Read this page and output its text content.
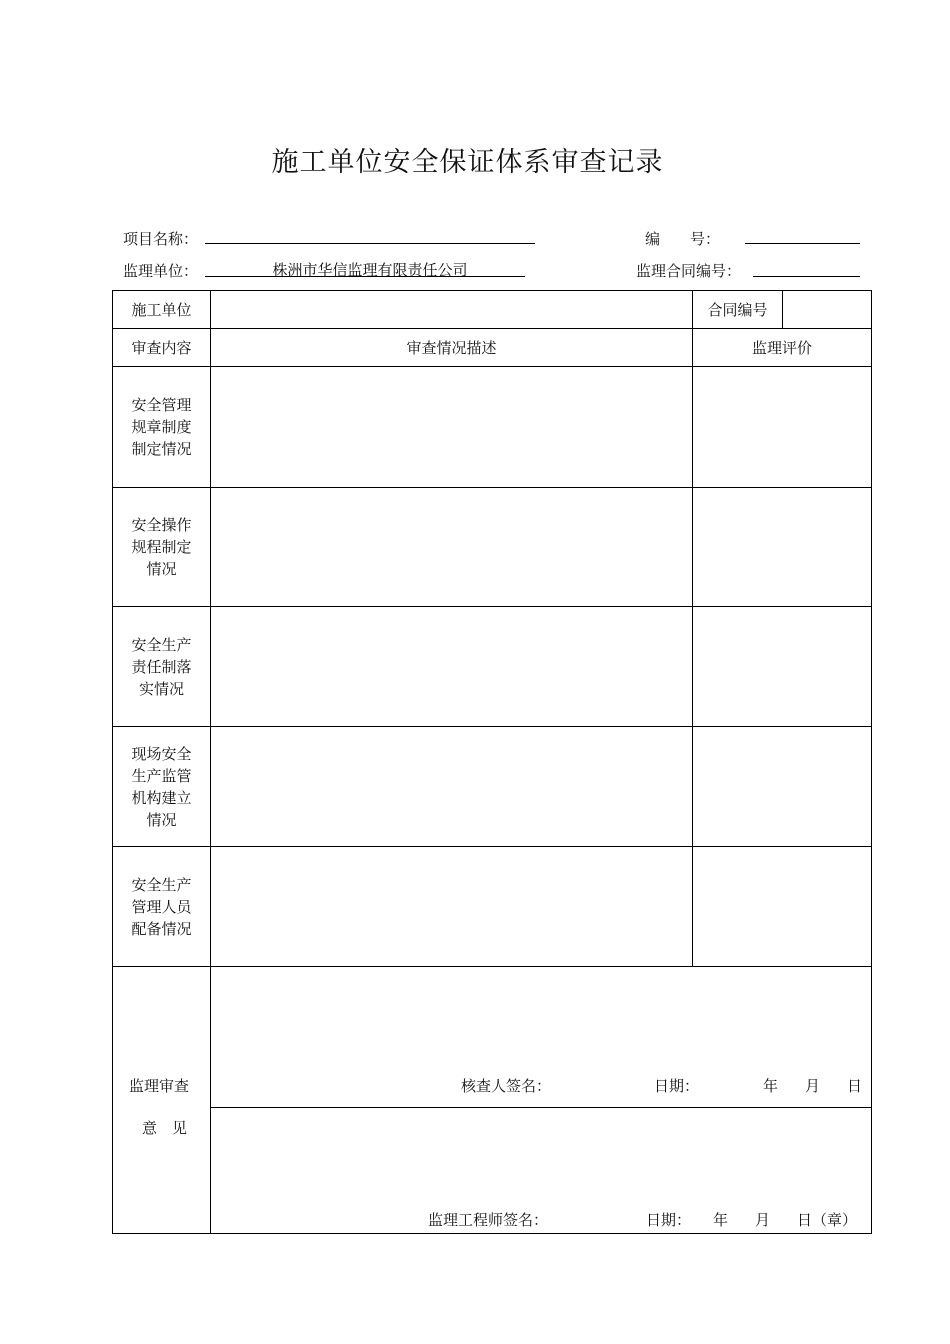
施工单位安全保证体系审查记录
项目名称：	编　　号：
监理单位：	株洲市华信监理有限责任公司	监理合同编号：
施工单位	合同编号
审查内容	审查情况描述	监理评价
安全管理规章制度制定情况
安全操作规程制定情况
安全生产责任制落实情况
现场安全生产监管机构建立情况
安全生产管理人员配备情况
监理审查
意　见
核查人签名：	日期：	年 月 日
监理工程师签名：	日期： 年 月 日（章）
